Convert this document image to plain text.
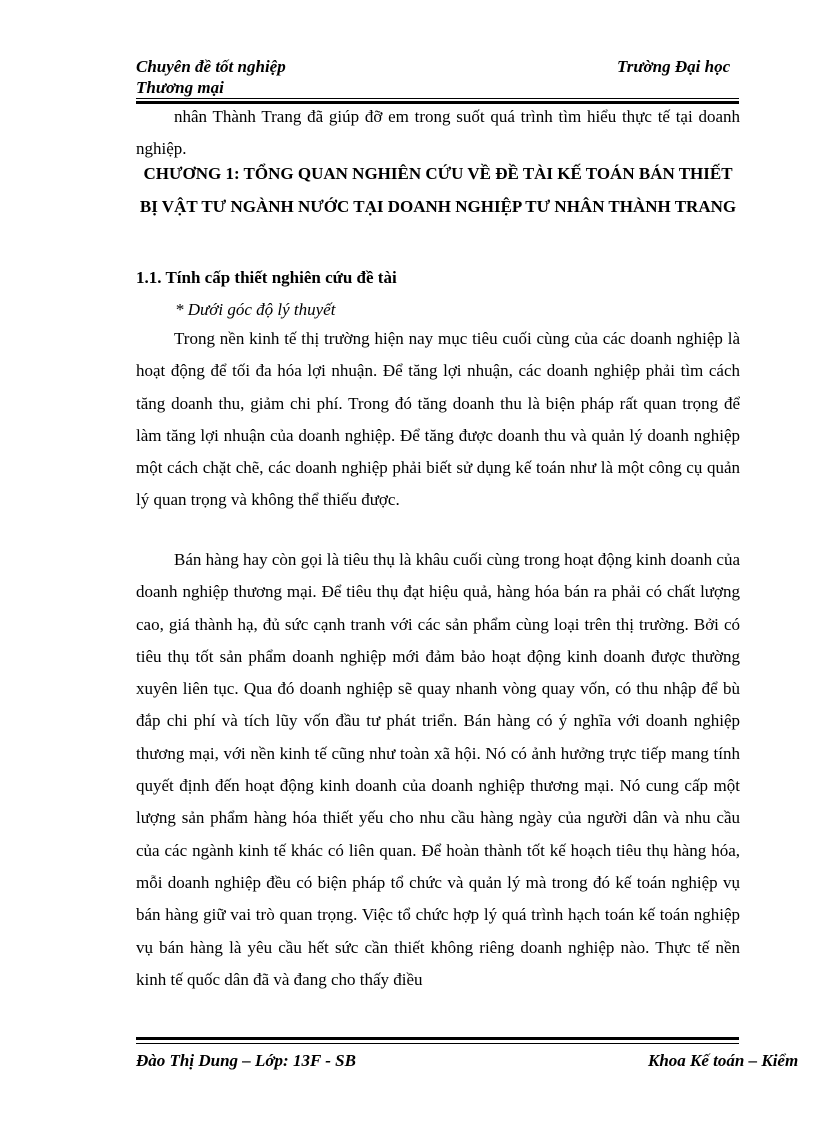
Chuyên đề tốt nghiệp
Thương mại
Trường Đại học

nhân Thành Trang đã giúp đỡ em trong suốt quá trình tìm hiểu thực tế tại doanh nghiệp.

CHƯƠNG 1: TỔNG QUAN NGHIÊN CỨU VỀ ĐỀ TÀI KẾ TOÁN BÁN THIẾT BỊ VẬT TƯ NGÀNH NƯỚC TẠI DOANH NGHIỆP TƯ NHÂN THÀNH TRANG
1.1. Tính cấp thiết nghiên cứu đề tài
* Dưới góc độ lý thuyết

Trong nền kinh tế thị trường hiện nay mục tiêu cuối cùng của các doanh nghiệp là hoạt động để tối đa hóa lợi nhuận. Để tăng lợi nhuận, các doanh nghiệp phải tìm cách tăng doanh thu, giảm chi phí. Trong đó tăng doanh thu là biện pháp rất quan trọng để làm tăng lợi nhuận của doanh nghiệp. Để tăng được doanh thu và quản lý doanh nghiệp một cách chặt chẽ, các doanh nghiệp phải biết sử dụng kế toán như là một công cụ quản lý quan trọng và không thể thiếu được.

Bán hàng hay còn gọi là tiêu thụ là khâu cuối cùng trong hoạt động kinh doanh của doanh nghiệp thương mại. Để tiêu thụ đạt hiệu quả, hàng hóa bán ra phải có chất lượng cao, giá thành hạ, đủ sức cạnh tranh với các sản phẩm cùng loại trên thị trường. Bởi có tiêu thụ tốt sản phẩm doanh nghiệp mới đảm bảo hoạt động kinh doanh được thường xuyên liên tục. Qua đó doanh nghiệp sẽ quay nhanh vòng quay vốn, có thu nhập để bù đắp chi phí và tích lũy vốn đầu tư phát triển. Bán hàng có ý nghĩa với doanh nghiệp thương mại, với nền kinh tế cũng như toàn xã hội. Nó có ảnh hưởng trực tiếp mang tính quyết định đến hoạt động kinh doanh của doanh nghiệp thương mại. Nó cung cấp một lượng sản phẩm hàng hóa thiết yếu cho nhu cầu hàng ngày của người dân và nhu cầu của các ngành kinh tế khác có liên quan. Để hoàn thành tốt kế hoạch tiêu thụ hàng hóa, mỗi doanh nghiệp đều có biện pháp tổ chức và quản lý mà trong đó kế toán nghiệp vụ bán hàng giữ vai trò quan trọng. Việc tổ chức hợp lý quá trình hạch toán kế toán nghiệp vụ bán hàng là yêu cầu hết sức cần thiết không riêng doanh nghiệp nào. Thực tế nền kinh tế quốc dân đã và đang cho thấy điều

Đào Thị Dung – Lớp: 13F - SB	Khoa Kế toán – Kiểm
